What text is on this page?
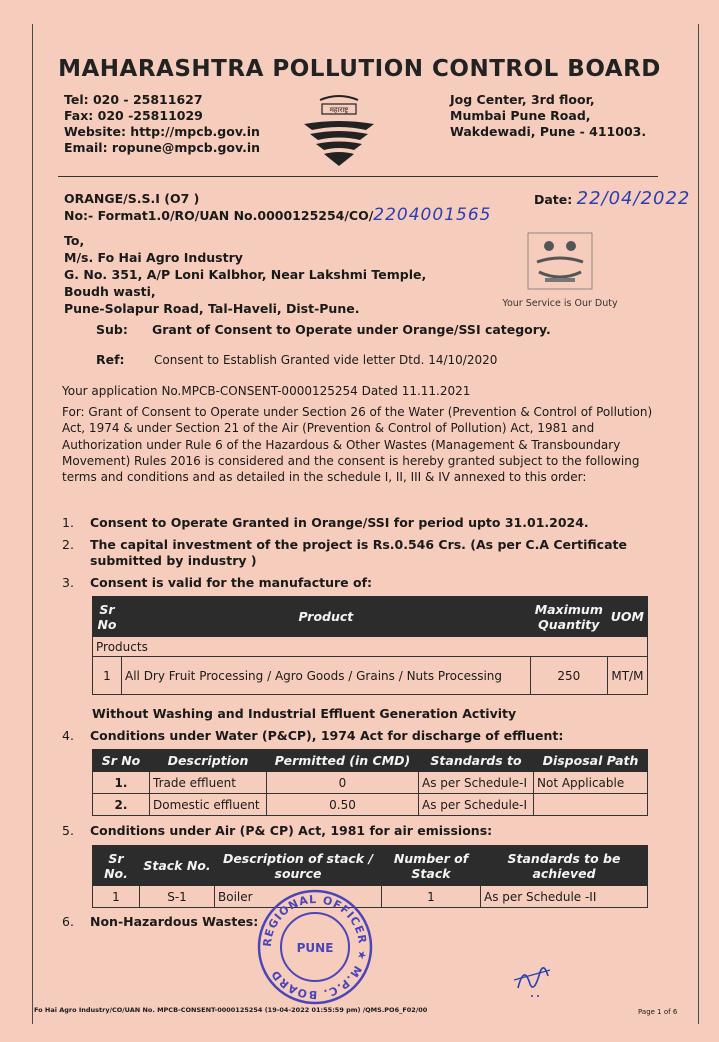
MAHARASHTRA POLLUTION CONTROL BOARD
Tel: 020 - 25811627
Fax: 020 -25811029
Website: http://mpcb.gov.in
Email: ropune@mpcb.gov.in
महाराष्ट्र
Jog Center, 3rd floor,
Mumbai Pune Road,
Wakdewadi, Pune - 411003.
ORANGE/S.S.I (O7 )
No:- Format1.0/RO/UAN No.0000125254/CO/2204001565
Date: 22/04/2022
To,
M/s. Fo Hai Agro Industry
G. No. 351, A/P Loni Kalbhor, Near Lakshmi Temple,
Boudh wasti,
Pune-Solapur Road, Tal-Haveli, Dist-Pune.	Your Service is Our Duty
Sub: Grant of Consent to Operate under Orange/SSI category.
Ref: Consent to Establish Granted vide letter Dtd. 14/10/2020
Your application No.MPCB-CONSENT-0000125254 Dated 11.11.2021
For: Grant of Consent to Operate under Section 26 of the Water (Prevention & Control of Pollution) Act, 1974 & under Section 21 of the Air (Prevention & Control of Pollution) Act, 1981 and Authorization under Rule 6 of the Hazardous & Other Wastes (Management & Transboundary Movement) Rules 2016 is considered and the consent is hereby granted subject to the following terms and conditions and as detailed in the schedule I, II, III & IV annexed to this order:
1. Consent to Operate Granted in Orange/SSI for period upto 31.01.2024.
2. The capital investment of the project is Rs.0.546 Crs. (As per C.A Certificate submitted by industry )
3. Consent is valid for the manufacture of:
Sr No	Product	Maximum Quantity	UOM
Products			
1	All Dry Fruit Processing / Agro Goods / Grains / Nuts Processing	250	MT/M
Without Washing and Industrial Effluent Generation Activity
4. Conditions under Water (P&CP), 1974 Act for discharge of effluent:
Sr No	Description	Permitted (in CMD)	Standards to	Disposal Path
1.	Trade effluent	0	As per Schedule-I	Not Applicable
2.	Domestic effluent	0.50	As per Schedule-I	
5. Conditions under Air (P& CP) Act, 1981 for air emissions:
Sr No.	Stack No.	Description of stack / source	Number of Stack	Standards to be achieved
1	S-1	Boiler	1	As per Schedule -II
6. Non-Hazardous Wastes:
REGIONAL OFFICER ★ M.P.C. BOARD
PUNE
Fo Hai Agro Industry/CO/UAN No. MPCB-CONSENT-0000125254 (19-04-2022 01:55:59 pm) /QMS.PO6_F02/00	Page 1 of 6
